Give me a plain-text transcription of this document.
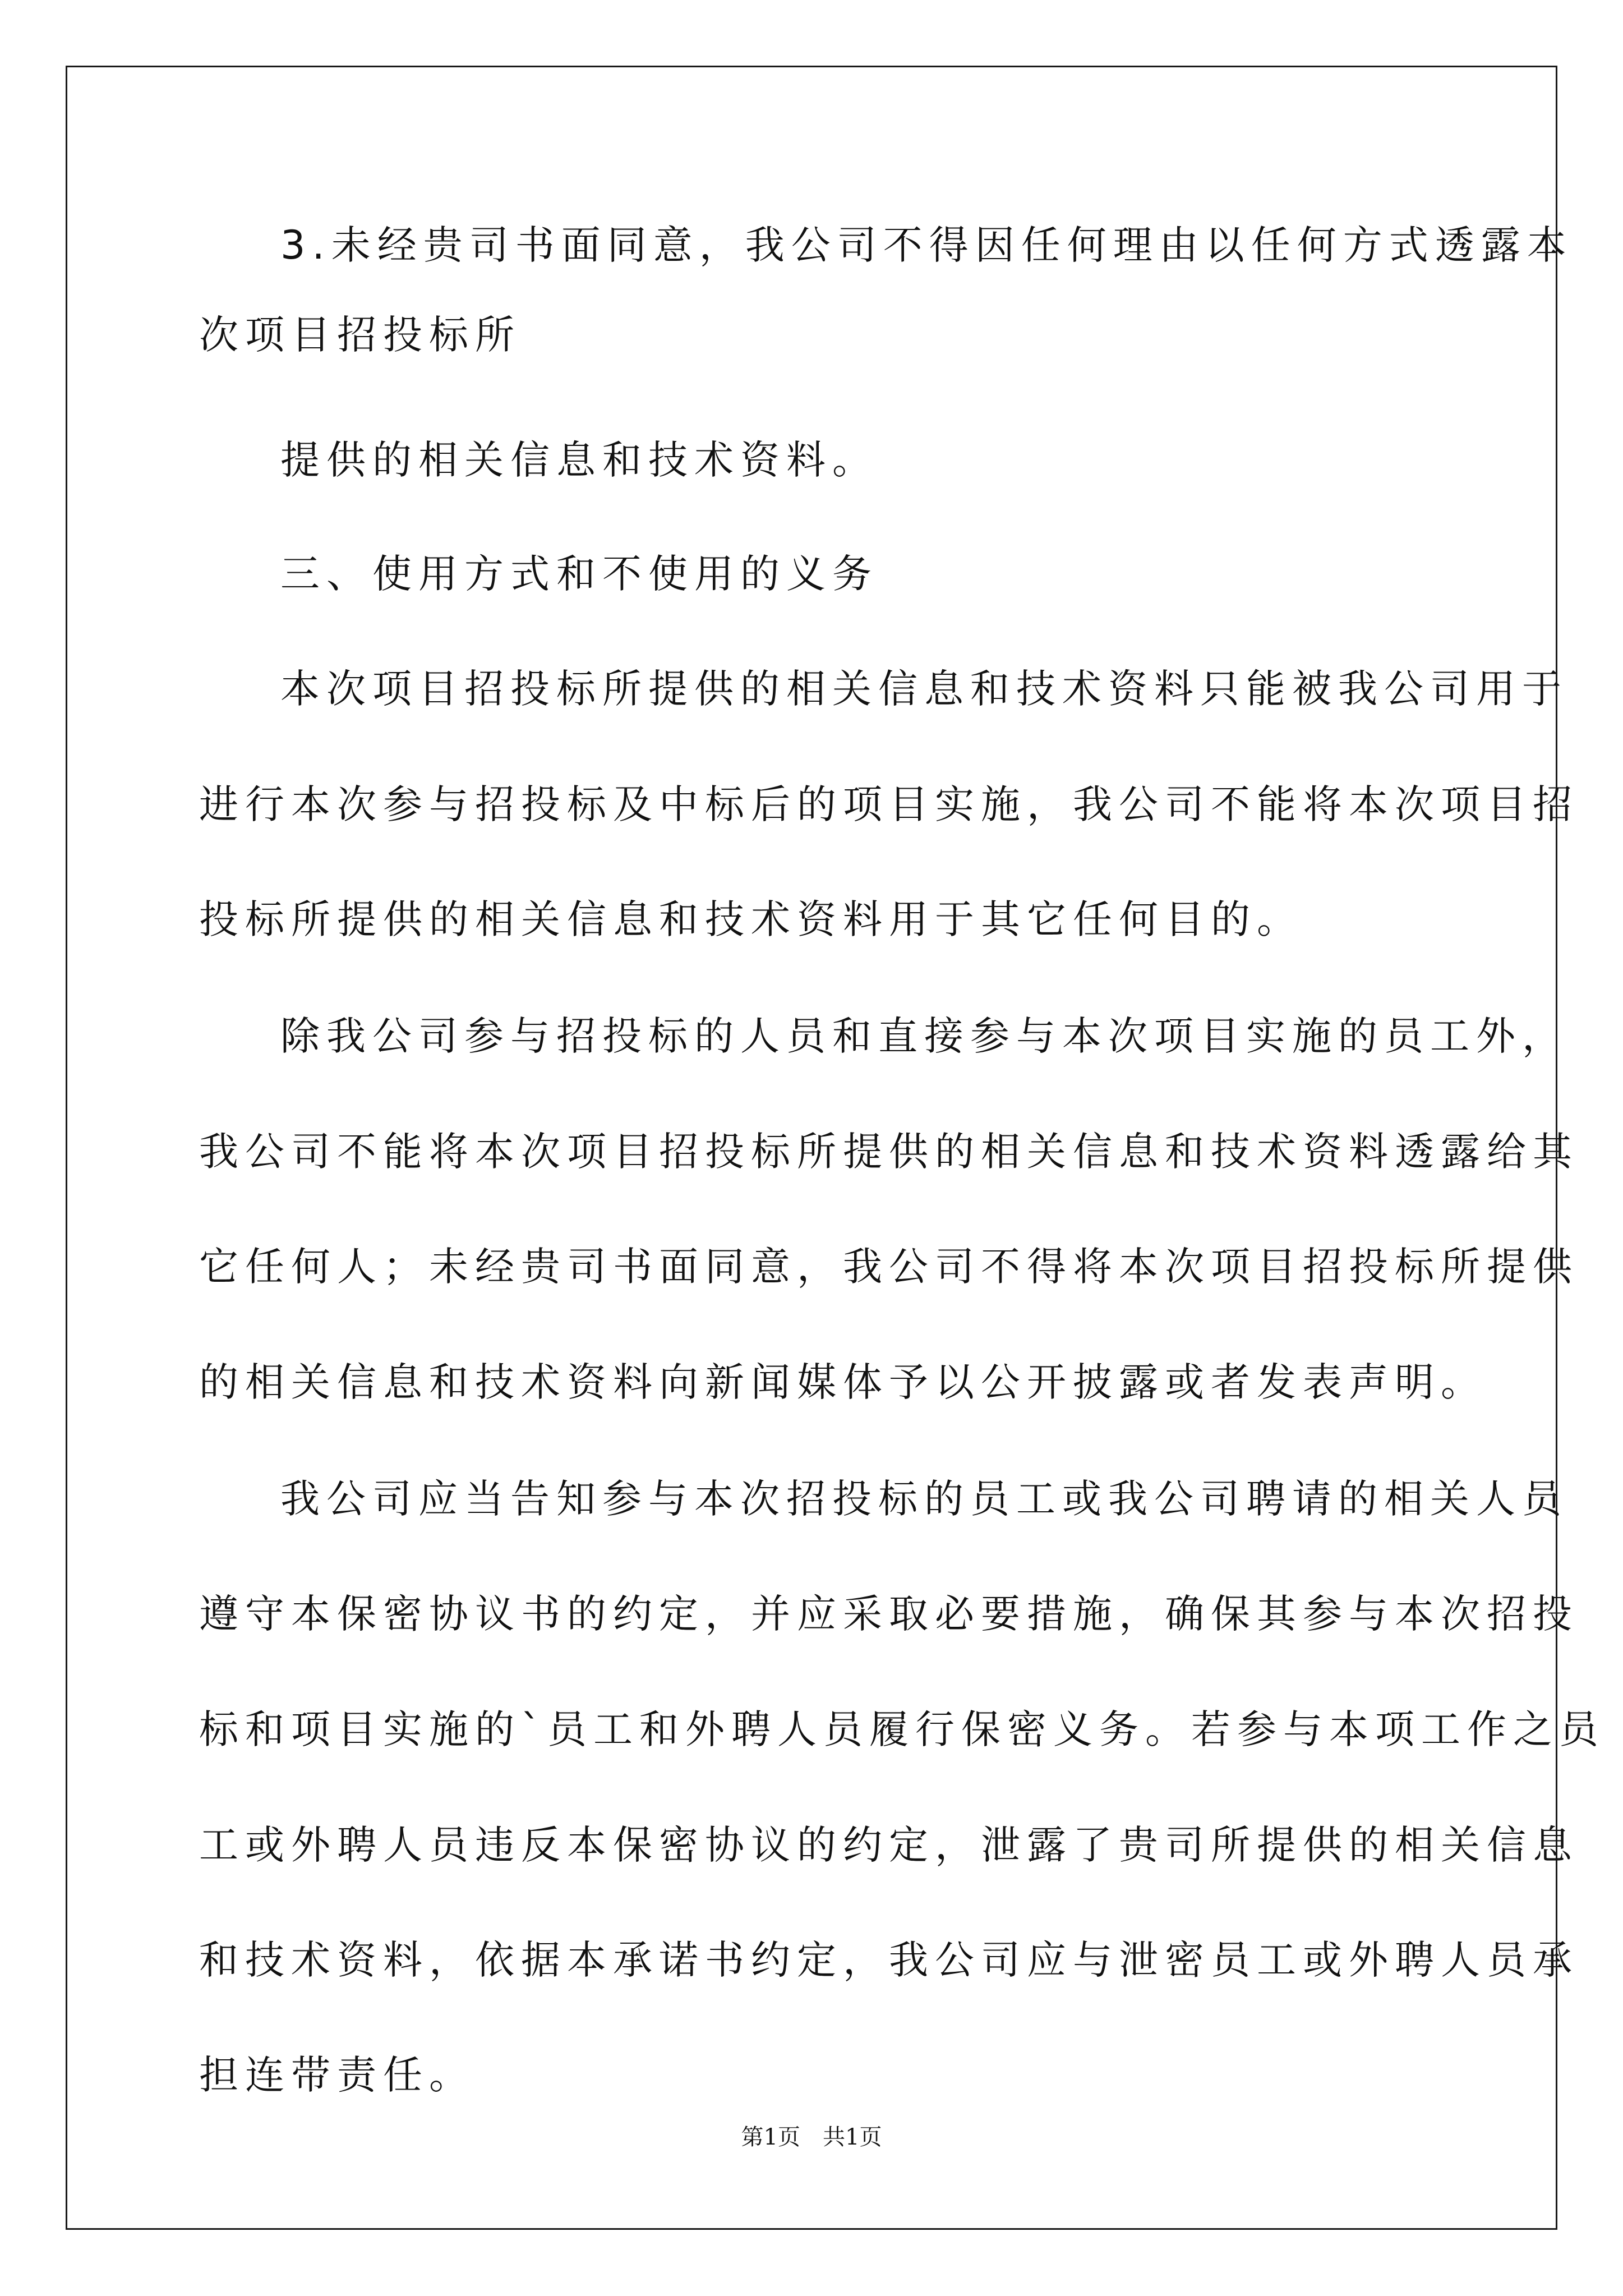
3.未经贵司书面同意，我公司不得因任何理由以任何方式透露本
次项目招投标所
提供的相关信息和技术资料。
三、使用方式和不使用的义务
本次项目招投标所提供的相关信息和技术资料只能被我公司用于
进行本次参与招投标及中标后的项目实施，我公司不能将本次项目招
投标所提供的相关信息和技术资料用于其它任何目的。
除我公司参与招投标的人员和直接参与本次项目实施的员工外，
我公司不能将本次项目招投标所提供的相关信息和技术资料透露给其
它任何人；未经贵司书面同意，我公司不得将本次项目招投标所提供
的相关信息和技术资料向新闻媒体予以公开披露或者发表声明。
我公司应当告知参与本次招投标的员工或我公司聘请的相关人员
遵守本保密协议书的约定，并应采取必要措施，确保其参与本次招投
标和项目实施的`员工和外聘人员履行保密义务。若参与本项工作之员
工或外聘人员违反本保密协议的约定，泄露了贵司所提供的相关信息
和技术资料，依据本承诺书约定，我公司应与泄密员工或外聘人员承
担连带责任。
第1页　共1页
